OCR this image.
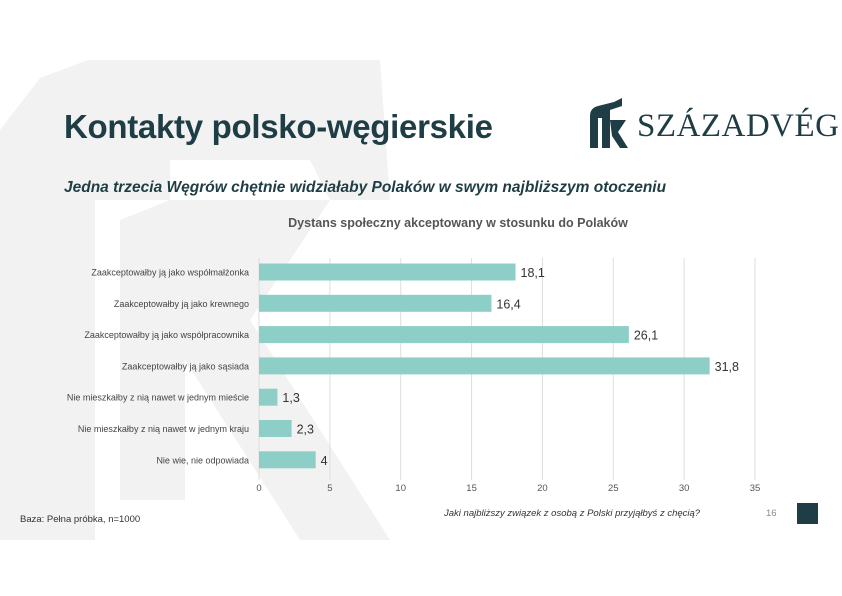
Kontakty polsko-węgierskie	SZÁZADVÉG
Jedna trzecia Węgrów chętnie widziałaby Polaków w swym najbliższym otoczeniu
Dystans społeczny akceptowany w stosunku do Polaków
Zaakceptowałby ją jako współmałżonka
Zaakceptowałby ją jako krewnego
Zaakceptowałby ją jako współpracownika
Zaakceptowałby ją jako sąsiada
Nie mieszkałby z nią nawet w jednym mieście
Nie mieszkałby z nią nawet w jednym kraju
Nie wie, nie odpowiada
18,1
16,4
26,1
31,8
1,3
2,3
4
0	5	10	15	20	25	30	35
Baza: Pełna próbka, n=1000
Jaki najbliższy związek z osobą z Polski przyjąłbyś z chęcią?	16
